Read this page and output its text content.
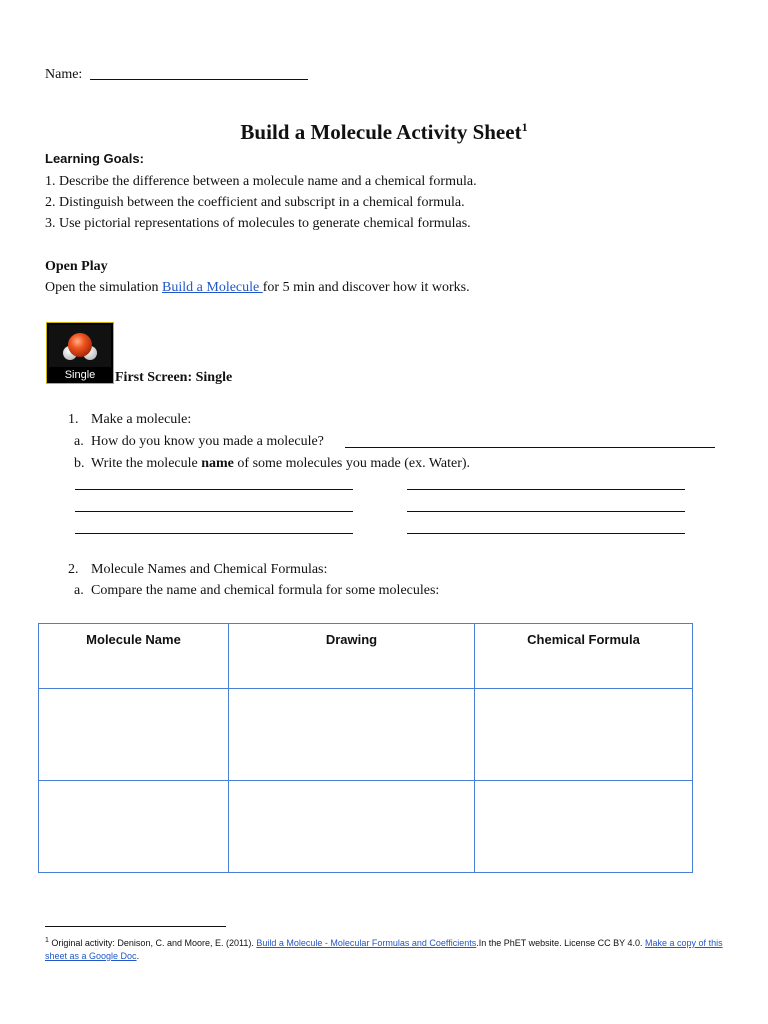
Name:
Build a Molecule Activity Sheet$^1$
Learning Goals:
1. Describe the difference between a molecule name and a chemical formula.
2. Distinguish between the coefficient and subscript in a chemical formula.
3. Use pictorial representations of molecules to generate chemical formulas.
Open Play
Open the simulation Build a Molecule for 5 min and discover how it works.
Single	First Screen: Single
1. Make a molecule:
a. How do you know you made a molecule?
b. Write the molecule name of some molecules you made (ex. Water).
2. Molecule Names and Chemical Formulas:
a. Compare the name and chemical formula for some molecules:
Molecule Name	Drawing	Chemical Formula

$^1$ Original activity: Denison, C. and Moore, E. (2011). Build a Molecule - Molecular Formulas and Coefficients.In the PhET website. License CC BY 4.0. Make a copy of this
sheet as a Google Doc.
